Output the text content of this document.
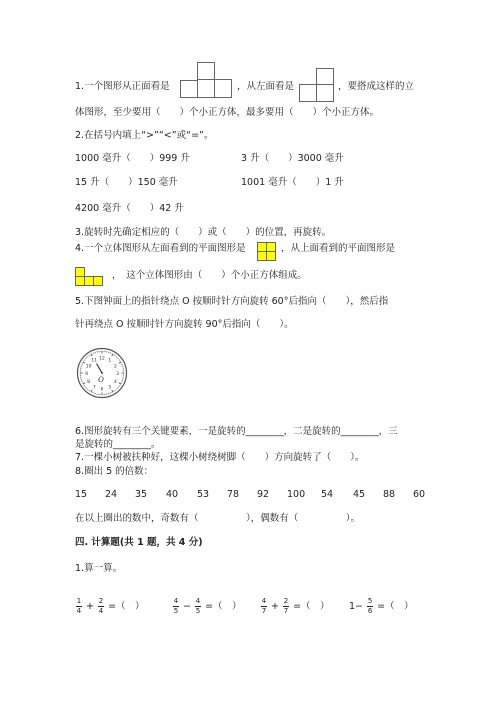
1.一个图形从正面看是	，从左面看是	，要搭成这样的立
体图形，至少要用（　　）个小正方体，最多要用（　　）个小正方体。
2.在括号内填上“>”“<”或“=”。
1000 毫升（　　）999 升	3 升（　　）3000 毫升
15 升（　　）150 毫升	1001 毫升（　　）1 升
4200 毫升（　　）42 升
3.旋转时先确定相应的（　　）或（　　）的位置，再旋转。
4.一个立体图形从左面看到的平面图形是	，从上面看到的平面图形是
，　这个立体图形由（　　）个小正方体组成。
5.下图钟面上的指针绕点 O 按顺时针方向旋转 60°后指向（　　），然后指
针再绕点 O 按顺时针方向旋转 90°后指向（　　）。
12 1
2
3
4
5
6
7
8
9
10
11
O
6.图形旋转有三个关键要素，一是旋转的________，二是旋转的________，三
是旋转的________。
7.一棵小树被扶种好，这棵小树绕树脚（　　）方向旋转了（　　）。
8.圈出 5 的倍数：
15 24 35 40 53 78 92 100 54 45 88 60
在以上圈出的数中，奇数有（　　　　　），偶数有（　　　　　）。
四. 计算题(共 1 题，共 4 分)
1.算一算。
$\frac{1}{4} + \frac{2}{4}$ =（　）	$\frac{4}{5} - \frac{4}{5}$ =（　）	$\frac{4}{7} + \frac{2}{7}$ =（　） $1- \frac{5}{6}$ =（　）
